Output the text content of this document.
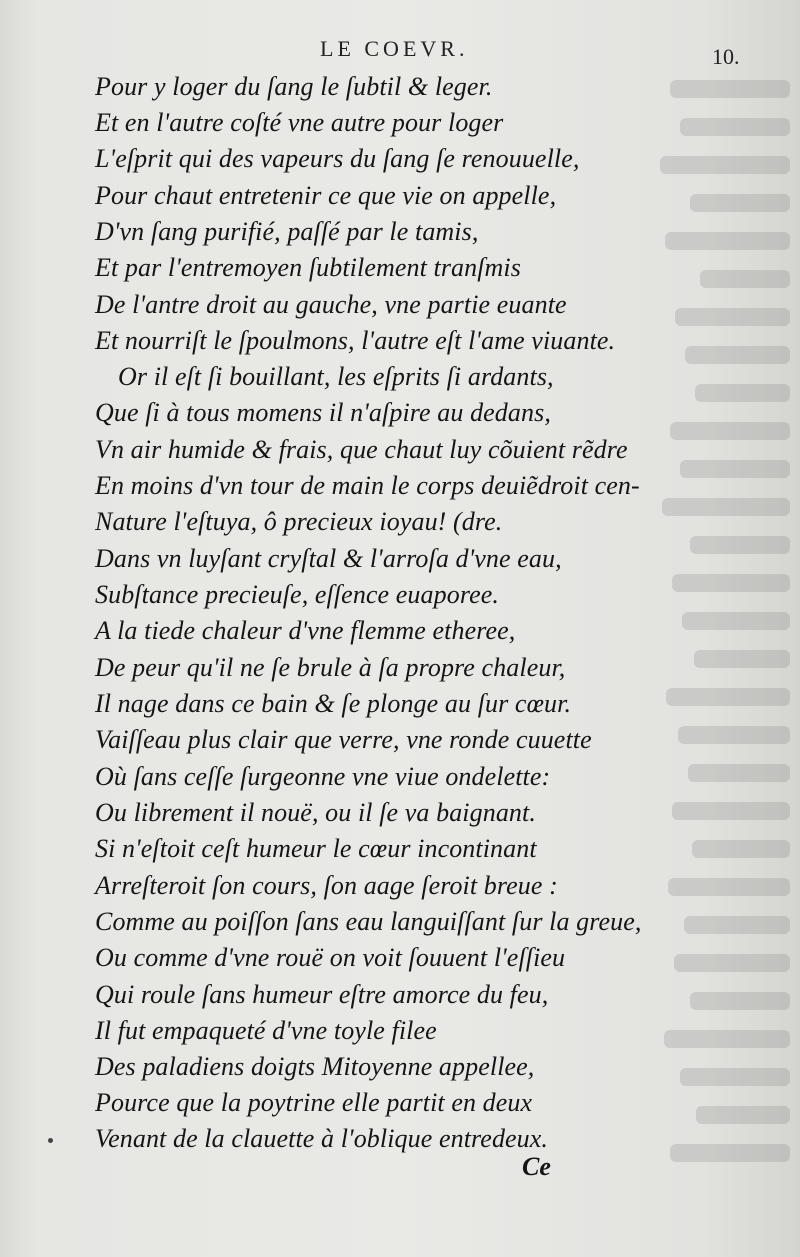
LE COEVR.	10.
Pour y loger du ſang le ſubtil & leger.
Et en l'autre coſté vne autre pour loger
L'eſprit qui des vapeurs du ſang ſe renouuelle,
Pour chaut entretenir ce que vie on appelle,
D'vn ſang purifié, paſſé par le tamis,
Et par l'entremoyen ſubtilement tranſmis
De l'antre droit au gauche, vne partie euante
Et nourriſt le ſpoulmons, l'autre eſt l'ame viuante.
Or il eſt ſi bouillant, les eſprits ſi ardants,
Que ſi à tous momens il n'aſpire au dedans,
Vn air humide & frais, que chaut luy cõuient rẽdre
En moins d'vn tour de main le corps deuiẽdroit cen-
Nature l'eſtuya, ô precieux ioyau! (dre.
Dans vn luyſant cryſtal & l'arroſa d'vne eau,
Subſtance precieuſe, eſſence euaporee.
A la tiede chaleur d'vne flemme etheree,
De peur qu'il ne ſe brule à ſa propre chaleur,
Il nage dans ce bain & ſe plonge au ſur cœur.
Vaiſſeau plus clair que verre, vne ronde cuuette
Où ſans ceſſe ſurgeonne vne viue ondelette:
Ou librement il nouë, ou il ſe va baignant.
Si n'eſtoit ceſt humeur le cœur incontinant
Arreſteroit ſon cours, ſon aage ſeroit breue :
Comme au poiſſon ſans eau languiſſant ſur la greue,
Ou comme d'vne rouë on voit ſouuent l'eſſieu
Qui roule ſans humeur eſtre amorce du feu,
Il fut empaqueté d'vne toyle filee
Des paladiens doigts Mitoyenne appellee,
Pource que la poytrine elle partit en deux
Venant de la clauette à l'oblique entredeux.
Ce
